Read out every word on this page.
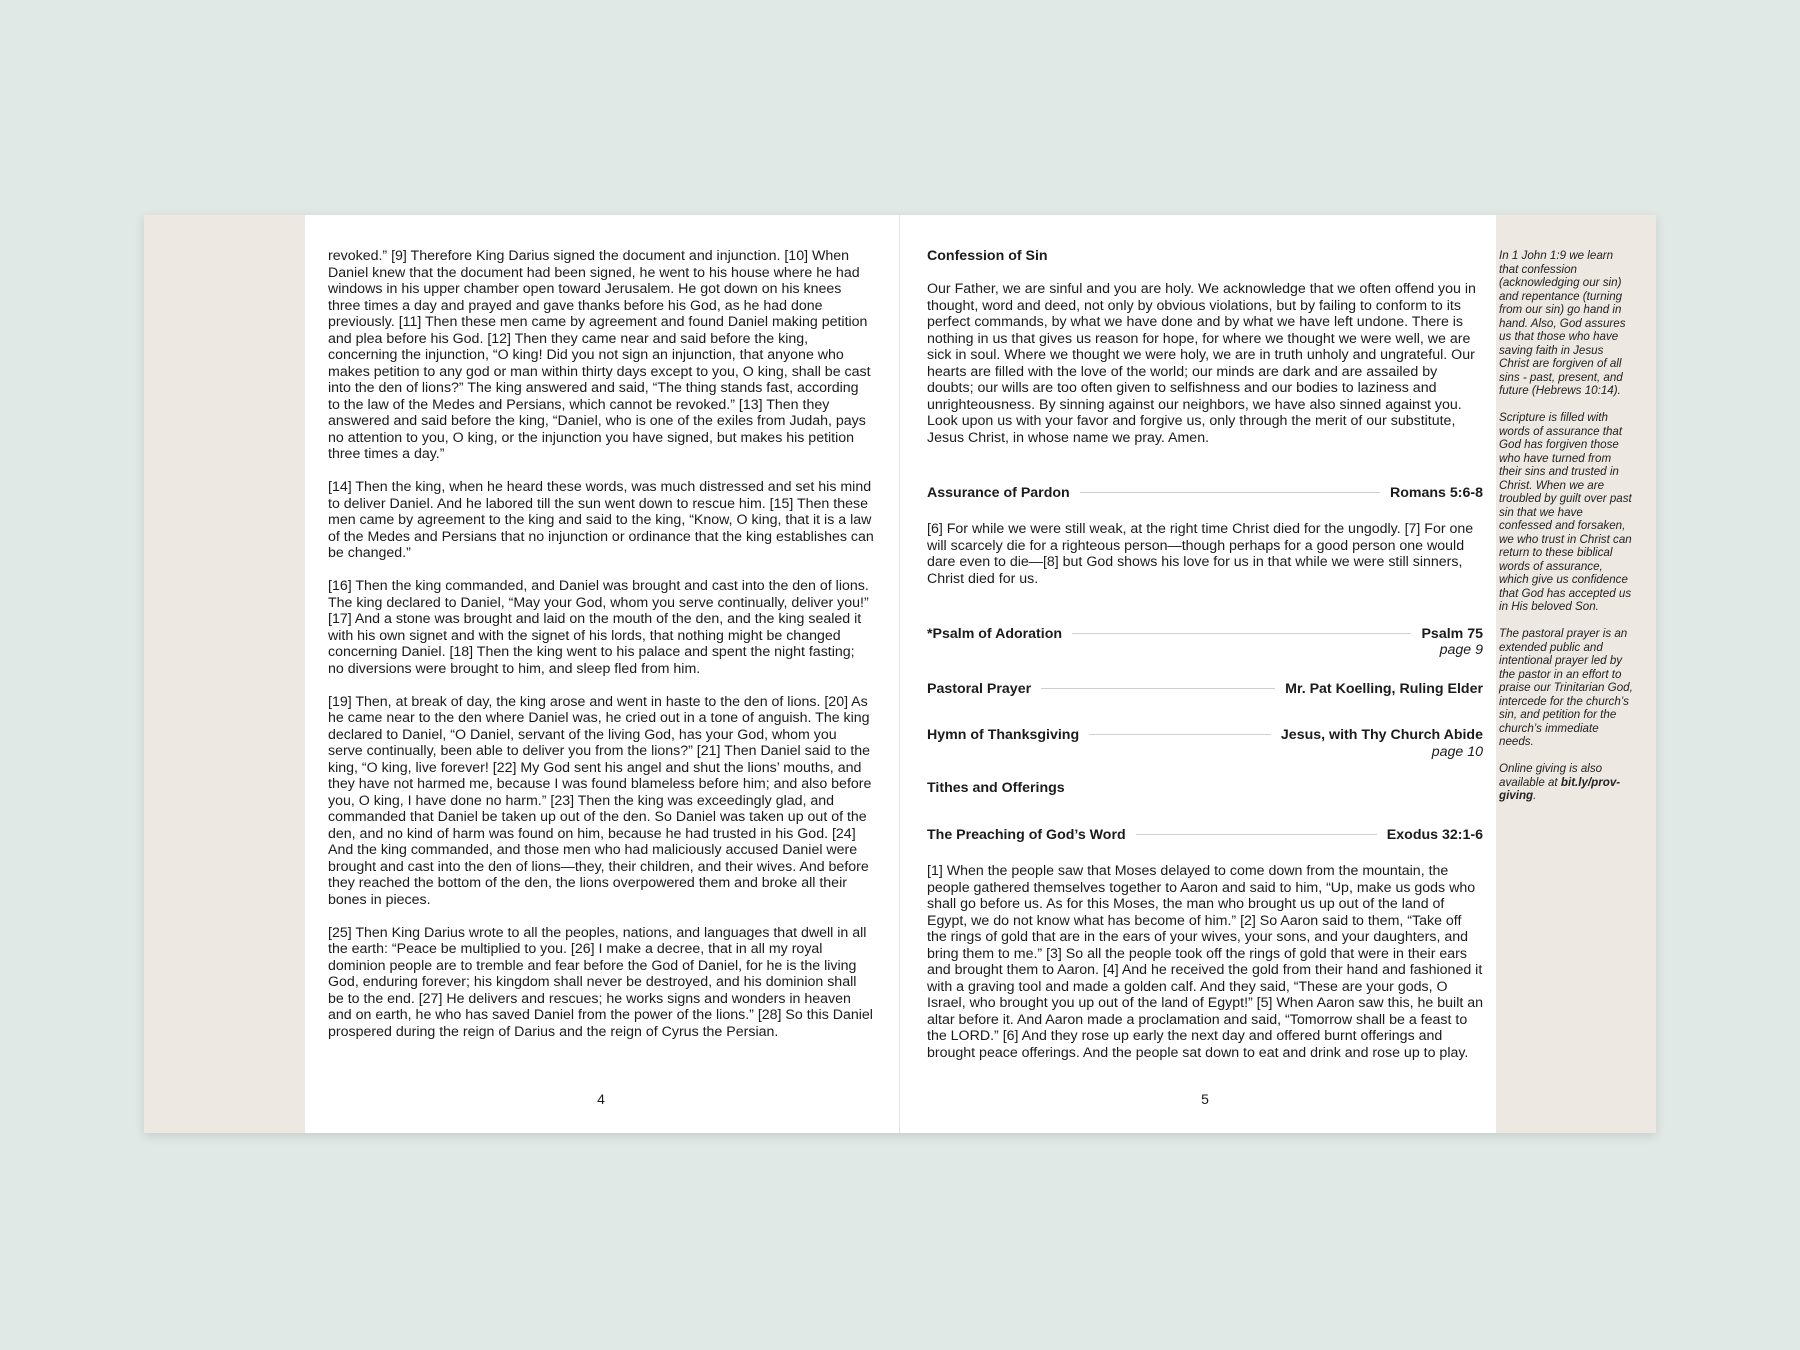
revoked.” [9] Therefore King Darius signed the document and injunction. [10] When Daniel knew that the document had been signed, he went to his house where he had windows in his upper chamber open toward Jerusalem. He got down on his knees three times a day and prayed and gave thanks before his God, as he had done previously. [11] Then these men came by agreement and found Daniel making petition and plea before his God. [12] Then they came near and said before the king, concerning the injunction, “O king! Did you not sign an injunction, that anyone who makes petition to any god or man within thirty days except to you, O king, shall be cast into the den of lions?” The king answered and said, “The thing stands fast, according to the law of the Medes and Persians, which cannot be revoked.” [13] Then they answered and said before the king, “Daniel, who is one of the exiles from Judah, pays no attention to you, O king, or the injunction you have signed, but makes his petition three times a day.”

[14] Then the king, when he heard these words, was much distressed and set his mind to deliver Daniel. And he labored till the sun went down to rescue him. [15] Then these men came by agreement to the king and said to the king, “Know, O king, that it is a law of the Medes and Persians that no injunction or ordinance that the king establishes can be changed.”

[16] Then the king commanded, and Daniel was brought and cast into the den of lions. The king declared to Daniel, “May your God, whom you serve continually, deliver you!” [17] And a stone was brought and laid on the mouth of the den, and the king sealed it with his own signet and with the signet of his lords, that nothing might be changed concerning Daniel. [18] Then the king went to his palace and spent the night fasting; no diversions were brought to him, and sleep fled from him.

[19] Then, at break of day, the king arose and went in haste to the den of lions. [20] As he came near to the den where Daniel was, he cried out in a tone of anguish. The king declared to Daniel, “O Daniel, servant of the living God, has your God, whom you serve continually, been able to deliver you from the lions?” [21] Then Daniel said to the king, “O king, live forever! [22] My God sent his angel and shut the lions’ mouths, and they have not harmed me, because I was found blameless before him; and also before you, O king, I have done no harm.” [23] Then the king was exceedingly glad, and commanded that Daniel be taken up out of the den. So Daniel was taken up out of the den, and no kind of harm was found on him, because he had trusted in his God. [24] And the king commanded, and those men who had maliciously accused Daniel were brought and cast into the den of lions—they, their children, and their wives. And before they reached the bottom of the den, the lions overpowered them and broke all their bones in pieces.

[25] Then King Darius wrote to all the peoples, nations, and languages that dwell in all the earth: “Peace be multiplied to you. [26] I make a decree, that in all my royal dominion people are to tremble and fear before the God of Daniel, for he is the living God, enduring forever; his kingdom shall never be destroyed, and his dominion shall be to the end. [27] He delivers and rescues; he works signs and wonders in heaven and on earth, he who has saved Daniel from the power of the lions.” [28] So this Daniel prospered during the reign of Darius and the reign of Cyrus the Persian.

4
Confession of Sin

Our Father, we are sinful and you are holy. We acknowledge that we often offend you in thought, word and deed, not only by obvious violations, but by failing to conform to its perfect commands, by what we have done and by what we have left undone. There is nothing in us that gives us reason for hope, for where we thought we were well, we are sick in soul. Where we thought we were holy, we are in truth unholy and ungrateful. Our hearts are filled with the love of the world; our minds are dark and are assailed by doubts; our wills are too often given to selfishness and our bodies to laziness and unrighteousness. By sinning against our neighbors, we have also sinned against you. Look upon us with your favor and forgive us, only through the merit of our substitute, Jesus Christ, in whose name we pray. Amen.

Assurance of Pardon	Romans 5:6-8

[6] For while we were still weak, at the right time Christ died for the ungodly. [7] For one will scarcely die for a righteous person—though perhaps for a good person one would dare even to die—[8] but God shows his love for us in that while we were still sinners, Christ died for us.

*Psalm of Adoration	Psalm 75
page 9
Pastoral Prayer	Mr. Pat Koelling, Ruling Elder
Hymn of Thanksgiving	Jesus, with Thy Church Abide
page 10
Tithes and Offerings
The Preaching of God’s Word	Exodus 32:1-6

[1] When the people saw that Moses delayed to come down from the mountain, the people gathered themselves together to Aaron and said to him, “Up, make us gods who shall go before us. As for this Moses, the man who brought us up out of the land of Egypt, we do not know what has become of him.” [2] So Aaron said to them, “Take off the rings of gold that are in the ears of your wives, your sons, and your daughters, and bring them to me.” [3] So all the people took off the rings of gold that were in their ears and brought them to Aaron. [4] And he received the gold from their hand and fashioned it with a graving tool and made a golden calf. And they said, “These are your gods, O Israel, who brought you up out of the land of Egypt!” [5] When Aaron saw this, he built an altar before it. And Aaron made a proclamation and said, “Tomorrow shall be a feast to the LORD.” [6] And they rose up early the next day and offered burnt offerings and brought peace offerings. And the people sat down to eat and drink and rose up to play.

5

In 1 John 1:9 we learn that confession (acknowledging our sin) and repentance (turning from our sin) go hand in hand. Also, God assures us that those who have saving faith in Jesus Christ are forgiven of all sins - past, present, and future (Hebrews 10:14).

Scripture is filled with words of assurance that God has forgiven those who have turned from their sins and trusted in Christ. When we are troubled by guilt over past sin that we have confessed and forsaken, we who trust in Christ can return to these biblical words of assurance, which give us confidence that God has accepted us in His beloved Son.

The pastoral prayer is an extended public and intentional prayer led by the pastor in an effort to praise our Trinitarian God, intercede for the church’s sin, and petition for the church’s immediate needs.

Online giving is also available at bit.ly/prov-giving.
